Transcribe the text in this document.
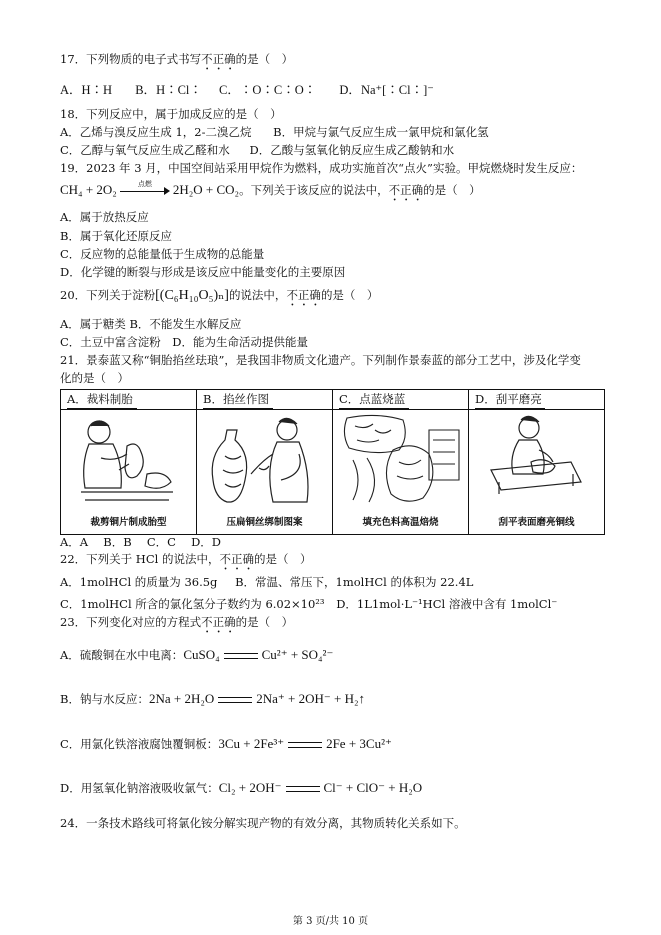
17．下列物质的电子式书写不正确的是（　）
A．H∶H B．H∶Cl∶ C．∶O∶C∶O∶ D．Na⁺[∶Cl∶]⁻
18．下列反应中，属于加成反应的是（　）
A．乙烯与溴反应生成 1，2-二溴乙烷 B．甲烷与氯气反应生成一氯甲烷和氯化氢
C．乙醇与氧气反应生成乙醛和水 D．乙酸与氢氧化钠反应生成乙酸钠和水
19．2023 年 3 月，中国空间站采用甲烷作为燃料，成功实施首次“点火”实验。甲烷燃烧时发生反应：
CH₄ + 2O₂	点燃	2H₂O + CO₂。下列关于该反应的说法中，不正确的是（　）
A．属于放热反应
B．属于氧化还原反应
C．反应物的总能量低于生成物的总能量
D．化学键的断裂与形成是该反应中能量变化的主要原因
20．下列关于淀粉[(C₆H₁₀O₅)ₙ]的说法中，不正确的是（　）
A．属于糖类 B．不能发生水解反应
C．土豆中富含淀粉　D．能为生命活动提供能量
21．景泰蓝又称“铜胎掐丝珐琅”，是我国非物质文化遗产。下列制作景泰蓝的部分工艺中，涉及化学变
化的是（　）
A．裁料制胎	B．掐丝作图	C．点蓝烧蓝	D．刮平磨亮

裁剪铜片制成胎型	压扁铜丝绑制图案	填充色料高温焙烧	刮平表面磨亮铜线
A．A　 B．B　 C．C　 D．D
22．下列关于 HCl 的说法中，不正确的是（　）
A．1molHCl 的质量为 36.5g B．常温、常压下，1molHCl 的体积为 22.4L
C．1molHCl 所含的氯化氢分子数约为 6.02×10²³ D．1L1mol·L⁻¹HCl 溶液中含有 1molCl⁻
23．下列变化对应的方程式不正确的是（　）
A．硫酸铜在水中电离：CuSO₄	Cu²⁺ + SO₄²⁻
B．钠与水反应：2Na + 2H₂O	2Na⁺ + 2OH⁻ + H₂↑
C．用氯化铁溶液腐蚀覆铜板：3Cu + 2Fe³⁺	2Fe + 3Cu²⁺
D．用氢氧化钠溶液吸收氯气：Cl₂ + 2OH⁻	Cl⁻ + ClO⁻ + H₂O
24．一条技术路线可将氯化铵分解实现产物的有效分离，其物质转化关系如下。
第 3 页/共 10 页
